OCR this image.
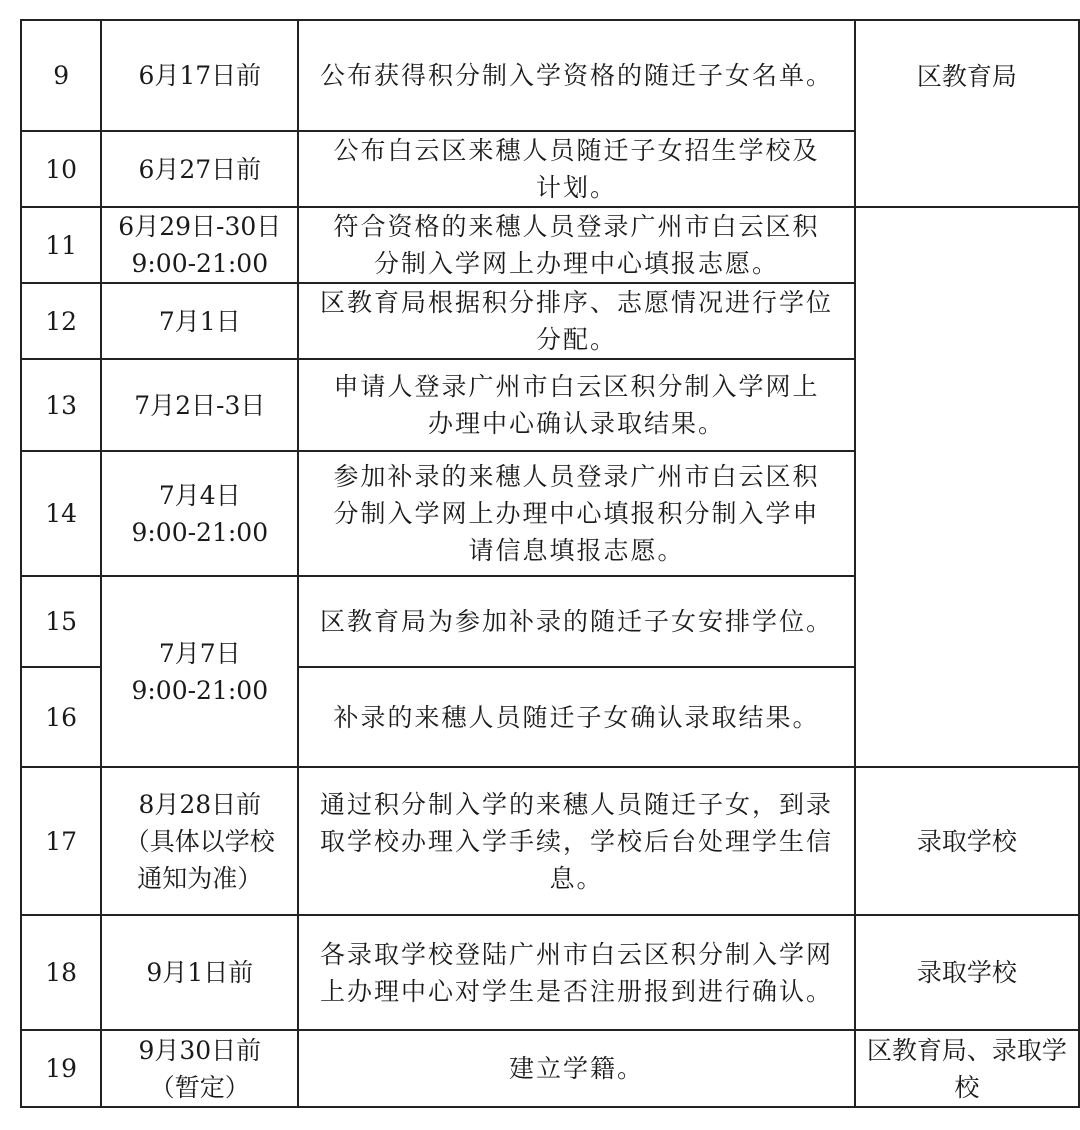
9	6月17日前	公布获得积分制入学资格的随迁子女名单。	区教育局
10	6月27日前	公布白云区来穗人员随迁子女招生学校及计划。	
11	6月29日-30日 9:00-21:00	符合资格的来穗人员登录广州市白云区积分制入学网上办理中心填报志愿。	
12	7月1日	区教育局根据积分排序、志愿情况进行学位分配。	
13	7月2日-3日	申请人登录广州市白云区积分制入学网上办理中心确认录取结果。	
14	7月4日 9:00-21:00	参加补录的来穗人员登录广州市白云区积分制入学网上办理中心填报积分制入学申请信息填报志愿。	
15	7月7日 9:00-21:00	区教育局为参加补录的随迁子女安排学位。	
16		补录的来穗人员随迁子女确认录取结果。	
17	8月28日前（具体以学校通知为准）	通过积分制入学的来穗人员随迁子女，到录取学校办理入学手续，学校后台处理学生信息。	录取学校
18	9月1日前	各录取学校登陆广州市白云区积分制入学网上办理中心对学生是否注册报到进行确认。	录取学校
19	9月30日前（暂定）	建立学籍。	区教育局、录取学校
